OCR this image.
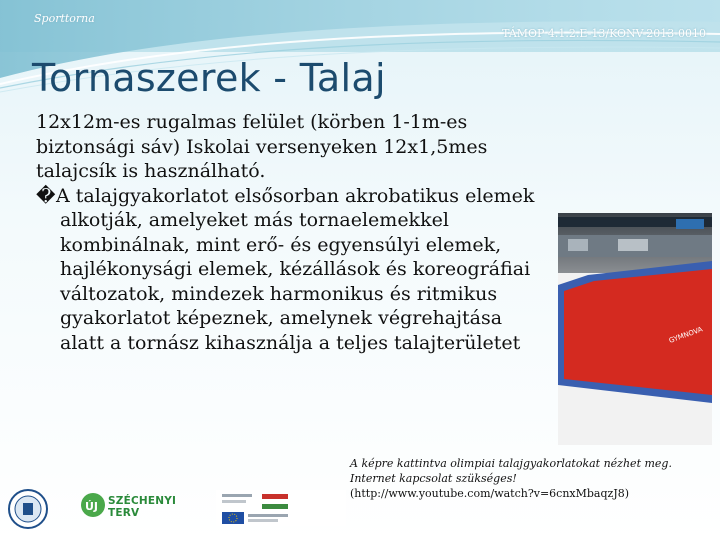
Sporttorna
TÁMOP 4.1.2.E-13/KONV-2013-0010
Tornaszerek - Talaj

12x12m-es rugalmas felület (körben 1-1m-es biztonsági sáv) Iskolai versenyeken 12x1,5mes talajcsík is használható.

�A talajgyakorlatot elsősorban akrobatikus elemek alkotják, amelyeket más tornaelemekkel kombinálnak, mint erő- és egyensúlyi elemek, hajlékonysági elemek, kézállások és koreográfiai változatok, mindezek harmonikus és ritmikus gyakorlatot képeznek, amelynek végrehajtása alatt a tornász kihasználja a teljes talajterületet	GYMNOVA
A képre kattintva olimpiai talajgyakorlatokat nézhet meg.
Internet kapcsolat szükséges!
(http://www.youtube.com/watch?v=6cnxMbaqzJ8)
ÚJ SZÉCHENYI TERV
